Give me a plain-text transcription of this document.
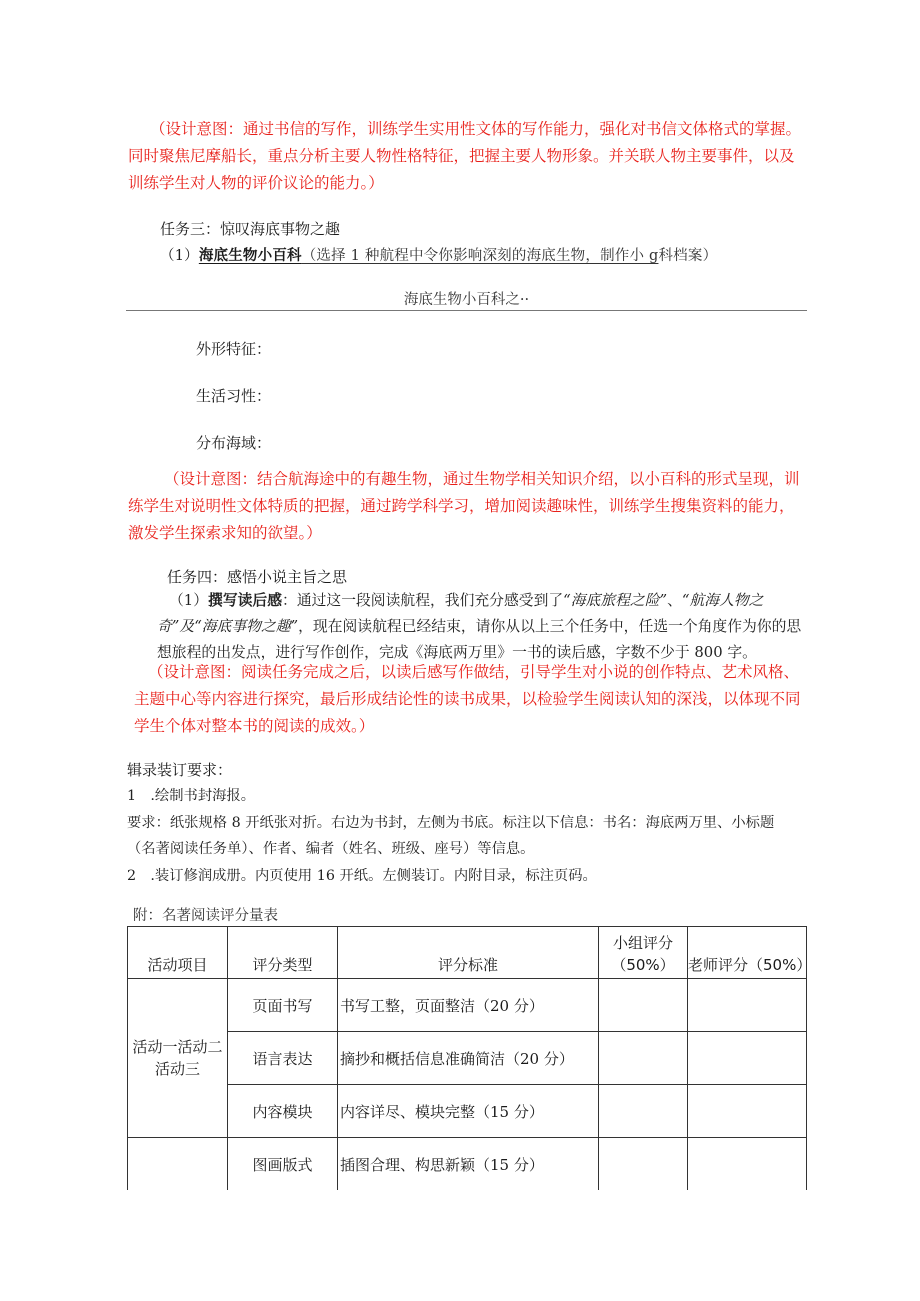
（设计意图：通过书信的写作，训练学生实用性文体的写作能力，强化对书信文体格式的掌握。同时聚焦尼摩船长，重点分析主要人物性格特征，把握主要人物形象。并关联人物主要事件，以及训练学生对人物的评价议论的能力。）
任务三：惊叹海底事物之趣
（1）海底生物小百科（选择 1 种航程中令你影响深刻的海底生物，制作小 g科档案）
海底生物小百科之··
外形特征：
生活习性：
分布海域：
（设计意图：结合航海途中的有趣生物，通过生物学相关知识介绍，以小百科的形式呈现，训练学生对说明性文体特质的把握，通过跨学科学习，增加阅读趣味性，训练学生搜集资料的能力，激发学生探索求知的欲望。）
任务四：感悟小说主旨之思
（1）撰写读后感：通过这一段阅读航程，我们充分感受到了“海底旅程之险”、“航海人物之奇”及“海底事物之趣”，现在阅读航程已经结束，请你从以上三个任务中，任选一个角度作为你的思想旅程的出发点，进行写作创作，完成《海底两万里》一书的读后感，字数不少于 800 字。
（设计意图：阅读任务完成之后，以读后感写作做结，引导学生对小说的创作特点、艺术风格、主题中心等内容进行探究，最后形成结论性的读书成果，以检验学生阅读认知的深浅，以体现不同学生个体对整本书的阅读的成效。）
辑录装订要求：
1　.绘制书封海报。
要求：纸张规格 8 开纸张对折。右边为书封，左侧为书底。标注以下信息：书名：海底两万里、小标题（名著阅读任务单）、作者、编者（姓名、班级、座号）等信息。
2　.装订修润成册。内页使用 16 开纸。左侧装订。内附目录，标注页码。
附：名著阅读评分量表
活动项目	评分类型	评分标准	小组评分（50%）	老师评分（50%）
活动一活动二活动三	页面书写	书写工整，页面整洁（20 分）		
	语言表达	摘抄和概括信息准确简洁（20 分）		
	内容模块	内容详尽、模块完整（15 分）		
	图画版式	插图合理、构思新颖（15 分）		
